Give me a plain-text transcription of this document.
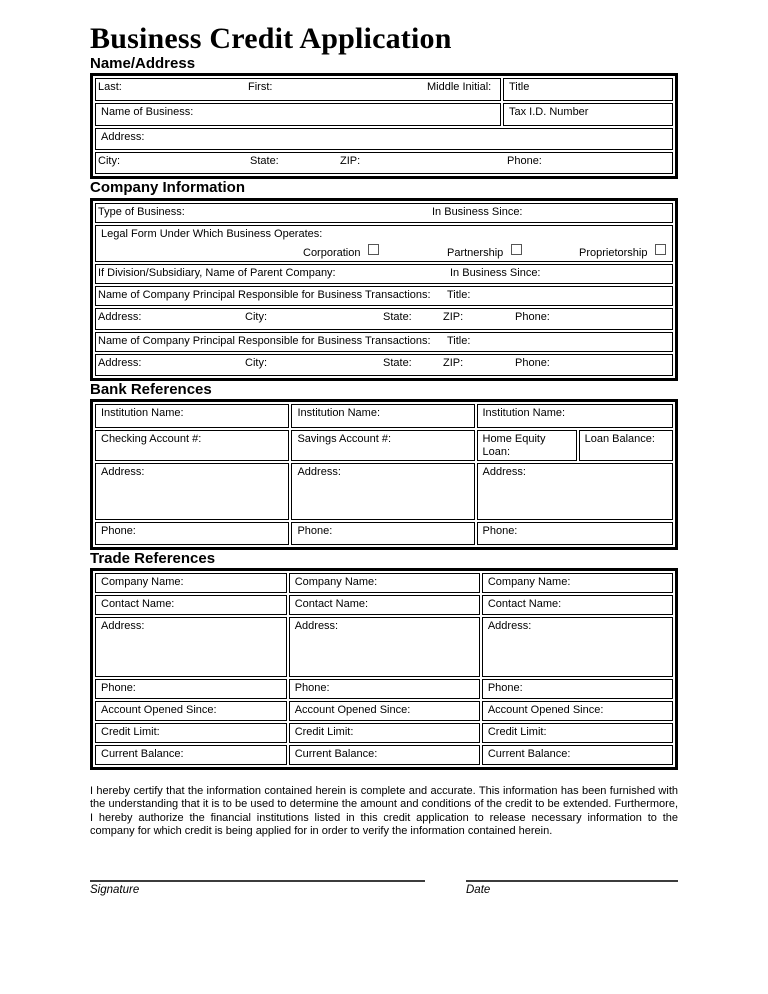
Business Credit Application
Name/Address
Last: First: Middle Initial:	Title
Name of Business:	Tax I.D. Number
Address:	

City: State: ZIP: Phone:	
Company Information
Type of Business:	In Business Since:

Legal Form Under Which Business Operates:
Corporation	Partnership	Proprietorship

If Division/Subsidiary, Name of Parent Company:	In Business Since:

Name of Company Principal Responsible for Business Transactions: Title:

Address:	City:	State:	ZIP:	Phone:

Name of Company Principal Responsible for Business Transactions: Title:

Address:	City:	State:	ZIP:	Phone:
Bank References
Institution Name:	Institution Name:	Institution Name:	
Checking Account #:	Savings Account #:	Home Equity Loan:	Loan Balance:
Address:	Address:	Address:	
Phone:	Phone:	Phone:	
Trade References
Company Name:	Company Name:	Company Name:
Contact Name:	Contact Name:	Contact Name:
Address:	Address:	Address:
Phone:	Phone:	Phone:
Account Opened Since:	Account Opened Since:	Account Opened Since:
Credit Limit:	Credit Limit:	Credit Limit:
Current Balance:	Current Balance:	Current Balance:

I hereby certify that the information contained herein is complete and accurate. This information has been furnished with the understanding that it is to be used to determine the amount and conditions of the credit to be extended. Furthermore, I hereby authorize the financial institutions listed in this credit application to release necessary information to the company for which credit is being applied for in order to verify the information contained herein.

Signature	Date
